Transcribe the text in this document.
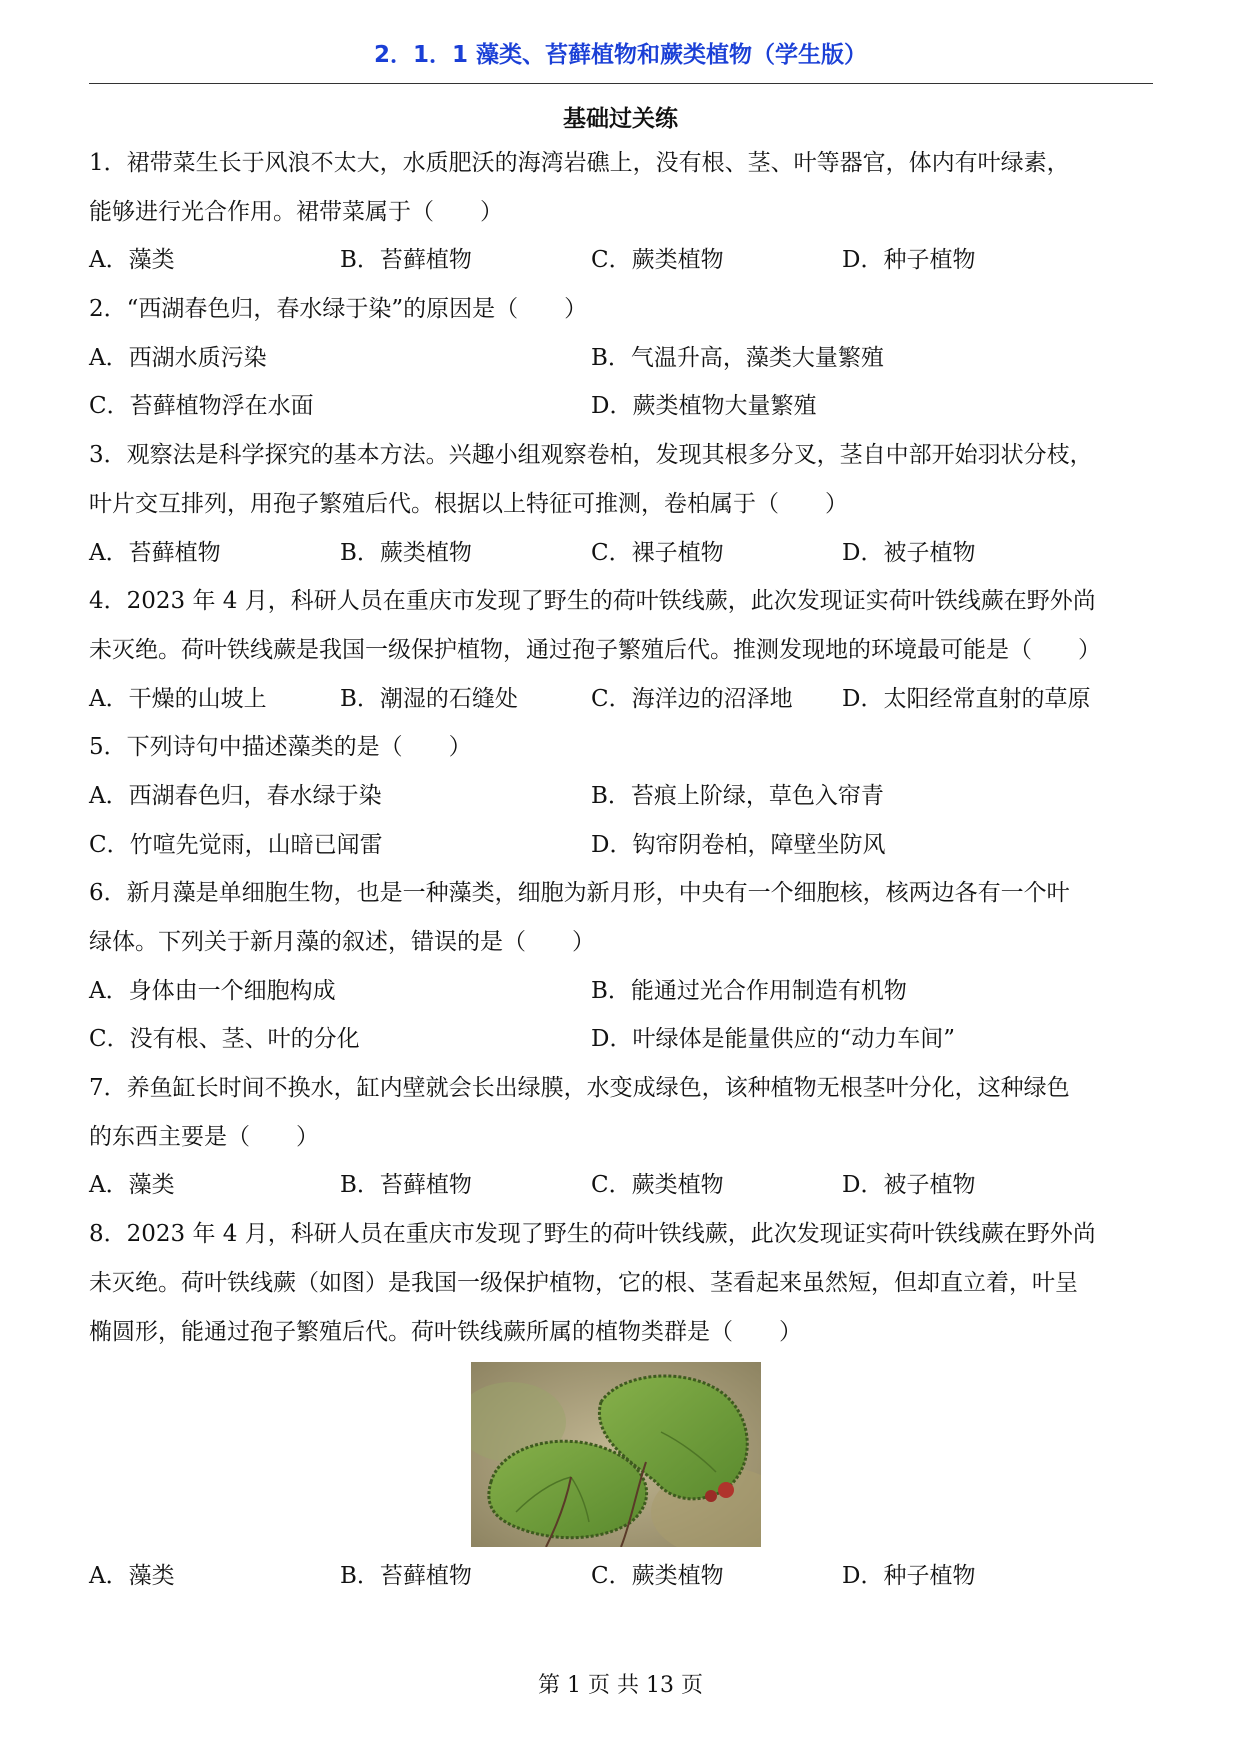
2．1．1 藻类、苔藓植物和蕨类植物（学生版）
基础过关练
1．裙带菜生长于风浪不太大，水质肥沃的海湾岩礁上，没有根、茎、叶等器官，体内有叶绿素，
能够进行光合作用。裙带菜属于（　　）
A．藻类	B．苔藓植物	C．蕨类植物	D．种子植物
2．“西湖春色归，春水绿于染”的原因是（　　）
A．西湖水质污染	B．气温升高，藻类大量繁殖
C．苔藓植物浮在水面	D．蕨类植物大量繁殖
3．观察法是科学探究的基本方法。兴趣小组观察卷柏，发现其根多分叉，茎自中部开始羽状分枝，
叶片交互排列，用孢子繁殖后代。根据以上特征可推测，卷柏属于（　　）
A．苔藓植物	B．蕨类植物	C．裸子植物	D．被子植物
4．2023 年 4 月，科研人员在重庆市发现了野生的荷叶铁线蕨，此次发现证实荷叶铁线蕨在野外尚
未灭绝。荷叶铁线蕨是我国一级保护植物，通过孢子繁殖后代。推测发现地的环境最可能是（　　）
A．干燥的山坡上	B．潮湿的石缝处	C．海洋边的沼泽地	D．太阳经常直射的草原
5．下列诗句中描述藻类的是（　　）
A．西湖春色归，春水绿于染	B．苔痕上阶绿，草色入帘青
C．竹喧先觉雨，山暗已闻雷	D．钩帘阴卷柏，障壁坐防风
6．新月藻是单细胞生物，也是一种藻类，细胞为新月形，中央有一个细胞核，核两边各有一个叶
绿体。下列关于新月藻的叙述，错误的是（　　）
A．身体由一个细胞构成	B．能通过光合作用制造有机物
C．没有根、茎、叶的分化	D．叶绿体是能量供应的“动力车间”
7．养鱼缸长时间不换水，缸内壁就会长出绿膜，水变成绿色，该种植物无根茎叶分化，这种绿色
的东西主要是（　　）
A．藻类	B．苔藓植物	C．蕨类植物	D．被子植物
8．2023 年 4 月，科研人员在重庆市发现了野生的荷叶铁线蕨，此次发现证实荷叶铁线蕨在野外尚
未灭绝。荷叶铁线蕨（如图）是我国一级保护植物，它的根、茎看起来虽然短，但却直立着，叶呈
椭圆形，能通过孢子繁殖后代。荷叶铁线蕨所属的植物类群是（　　）
A．藻类	B．苔藓植物	C．蕨类植物	D．种子植物
第 1 页 共 13 页
